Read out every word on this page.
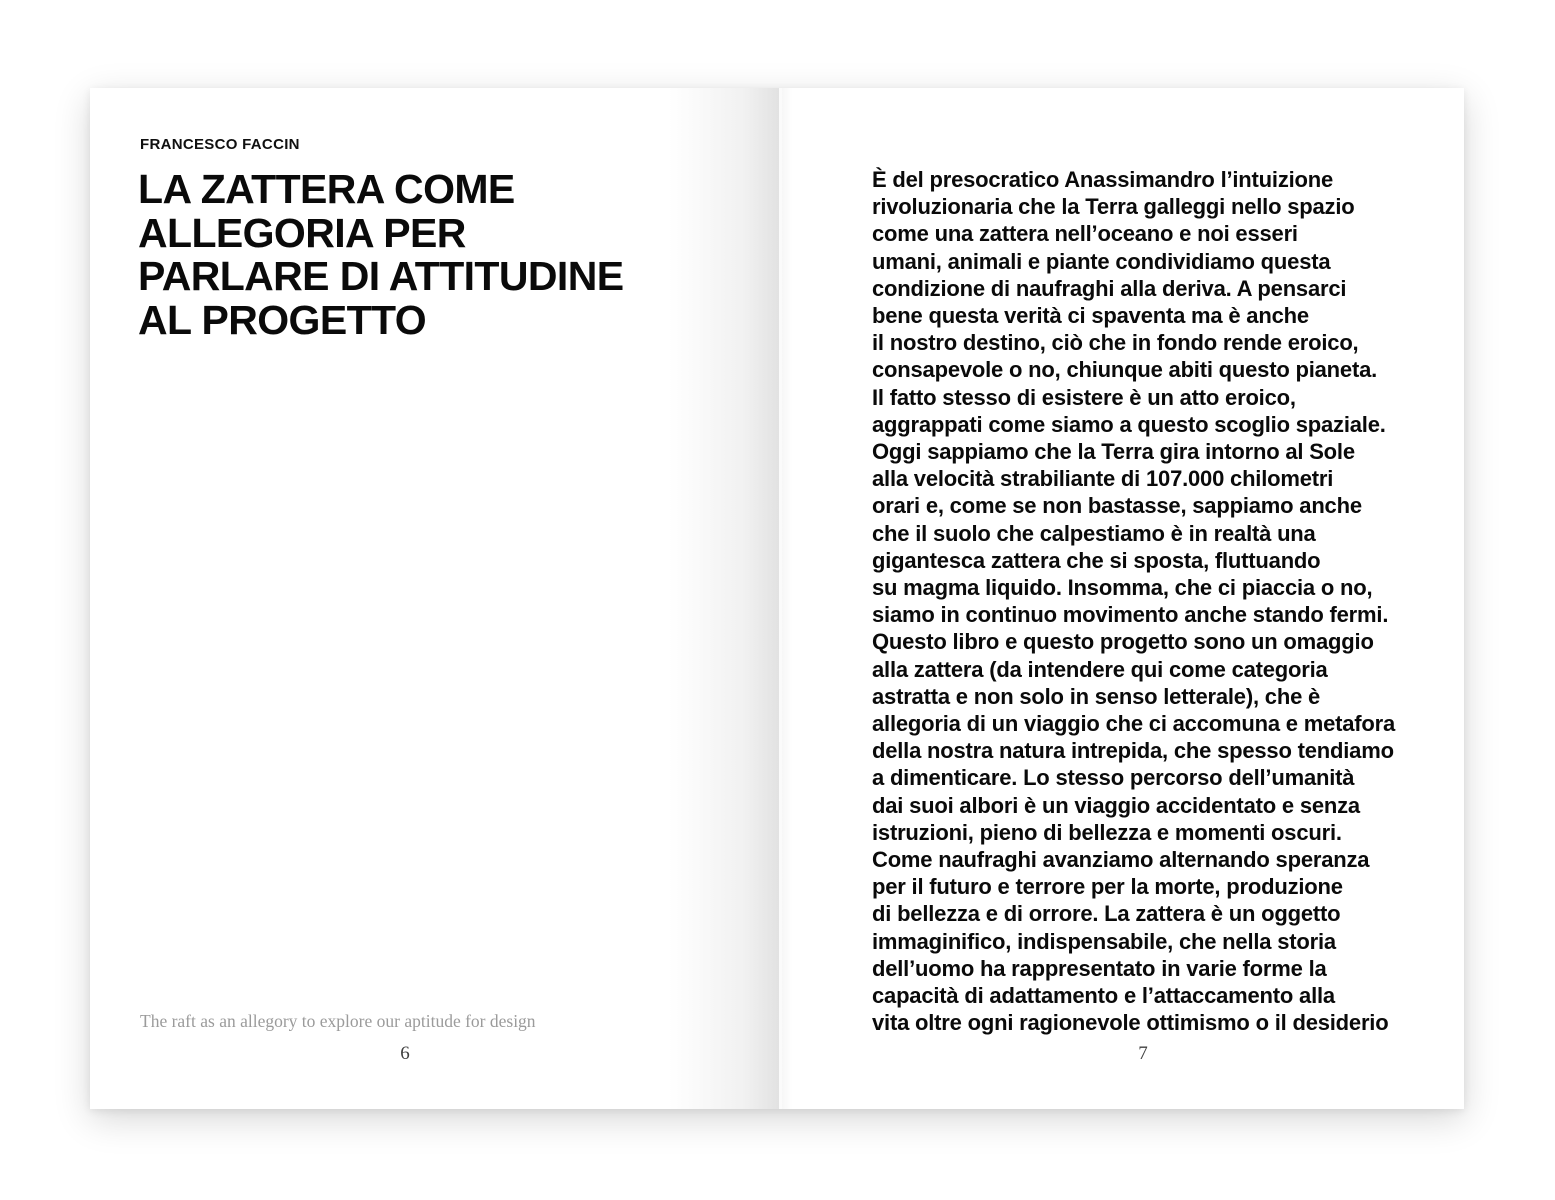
FRANCESCO FACCIN
LA ZATTERA COME
ALLEGORIA PER
PARLARE DI ATTITUDINE
AL PROGETTO
The raft as an allegory to explore our aptitude for design
6
È del presocratico Anassimandro l’intuizione
rivoluzionaria che la Terra galleggi nello spazio
come una zattera nell’oceano e noi esseri
umani, animali e piante condividiamo questa
condizione di naufraghi alla deriva. A pensarci
bene questa verità ci spaventa ma è anche
il nostro destino, ciò che in fondo rende eroico,
consapevole o no, chiunque abiti questo pianeta.
Il fatto stesso di esistere è un atto eroico,
aggrappati come siamo a questo scoglio spaziale.
Oggi sappiamo che la Terra gira intorno al Sole
alla velocità strabiliante di 107.000 chilometri
orari e, come se non bastasse, sappiamo anche
che il suolo che calpestiamo è in realtà una
gigantesca zattera che si sposta, fluttuando
su magma liquido. Insomma, che ci piaccia o no,
siamo in continuo movimento anche stando fermi.
Questo libro e questo progetto sono un omaggio
alla zattera (da intendere qui come categoria
astratta e non solo in senso letterale), che è
allegoria di un viaggio che ci accomuna e metafora
della nostra natura intrepida, che spesso tendiamo
a dimenticare. Lo stesso percorso dell’umanità
dai suoi albori è un viaggio accidentato e senza
istruzioni, pieno di bellezza e momenti oscuri.
Come naufraghi avanziamo alternando speranza
per il futuro e terrore per la morte, produzione
di bellezza e di orrore. La zattera è un oggetto
immaginifico, indispensabile, che nella storia
dell’uomo ha rappresentato in varie forme la
capacità di adattamento e l’attaccamento alla
vita oltre ogni ragionevole ottimismo o il desiderio
7
